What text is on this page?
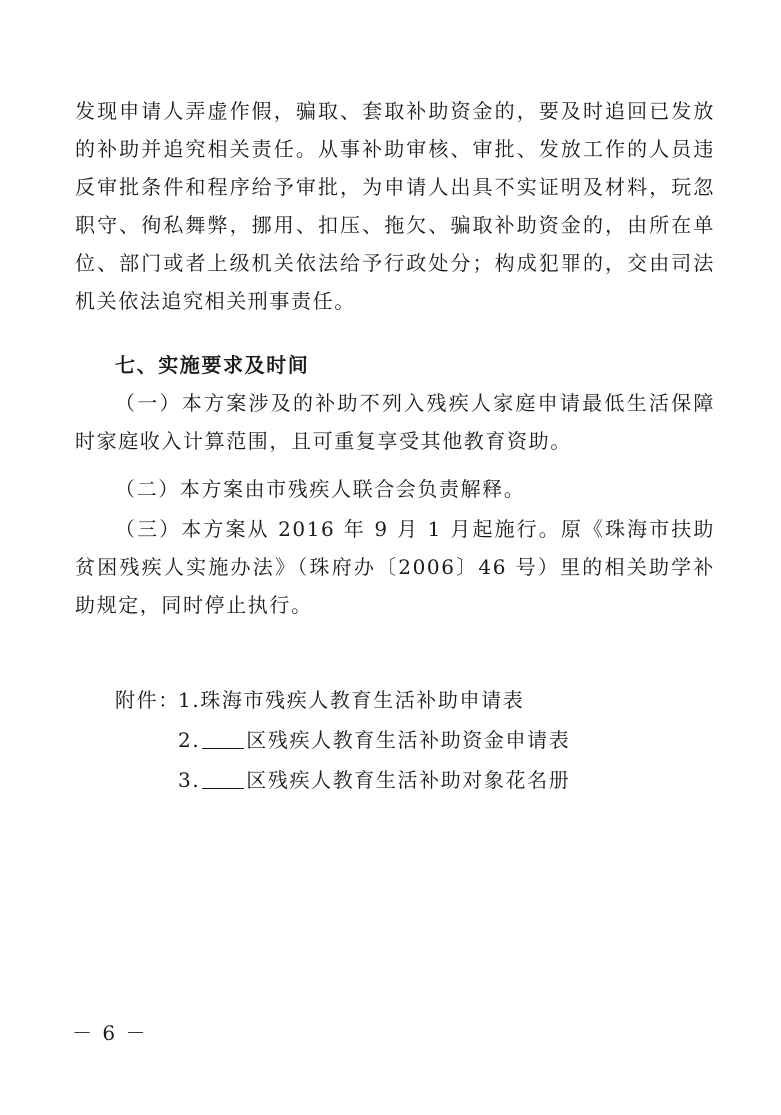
发现申请人弄虚作假，骗取、套取补助资金的，要及时追回已发放的补助并追究相关责任。从事补助审核、审批、发放工作的人员违反审批条件和程序给予审批，为申请人出具不实证明及材料，玩忽职守、徇私舞弊，挪用、扣压、拖欠、骗取补助资金的，由所在单位、部门或者上级机关依法给予行政处分；构成犯罪的，交由司法机关依法追究相关刑事责任。
七、实施要求及时间
（一）本方案涉及的补助不列入残疾人家庭申请最低生活保障时家庭收入计算范围，且可重复享受其他教育资助。
（二）本方案由市残疾人联合会负责解释。
（三）本方案从 2016 年 9 月 1 月起施行。原《珠海市扶助贫困残疾人实施办法》（珠府办〔2006〕46 号）里的相关助学补助规定，同时停止执行。
附件：
1.珠海市残疾人教育生活补助申请表
2. 区残疾人教育生活补助资金申请表
3. 区残疾人教育生活补助对象花名册
－ 6 －
